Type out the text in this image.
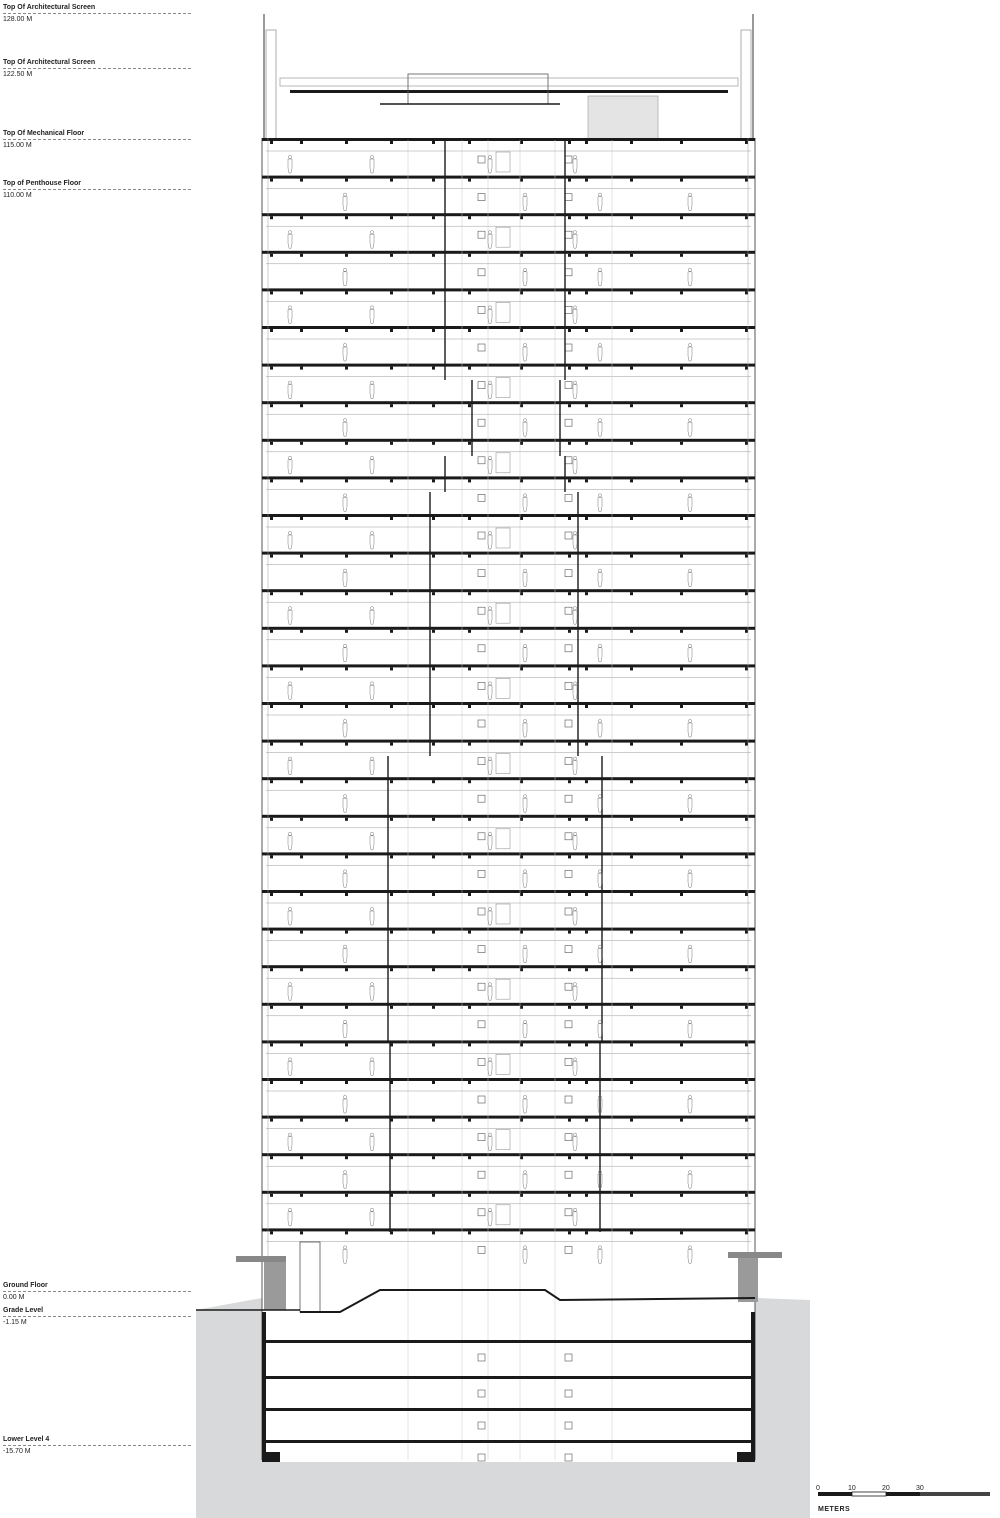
0	10	20	30
METERS
Top Of Architectural Screen
128.00 M
Top Of Architectural Screen
122.50 M
Top Of Mechanical Floor
115.00 M
Top of Penthouse Floor
110.00 M
Ground Floor
0.00 M
Grade Level
-1.15 M
Lower Level 4
-15.70 M
